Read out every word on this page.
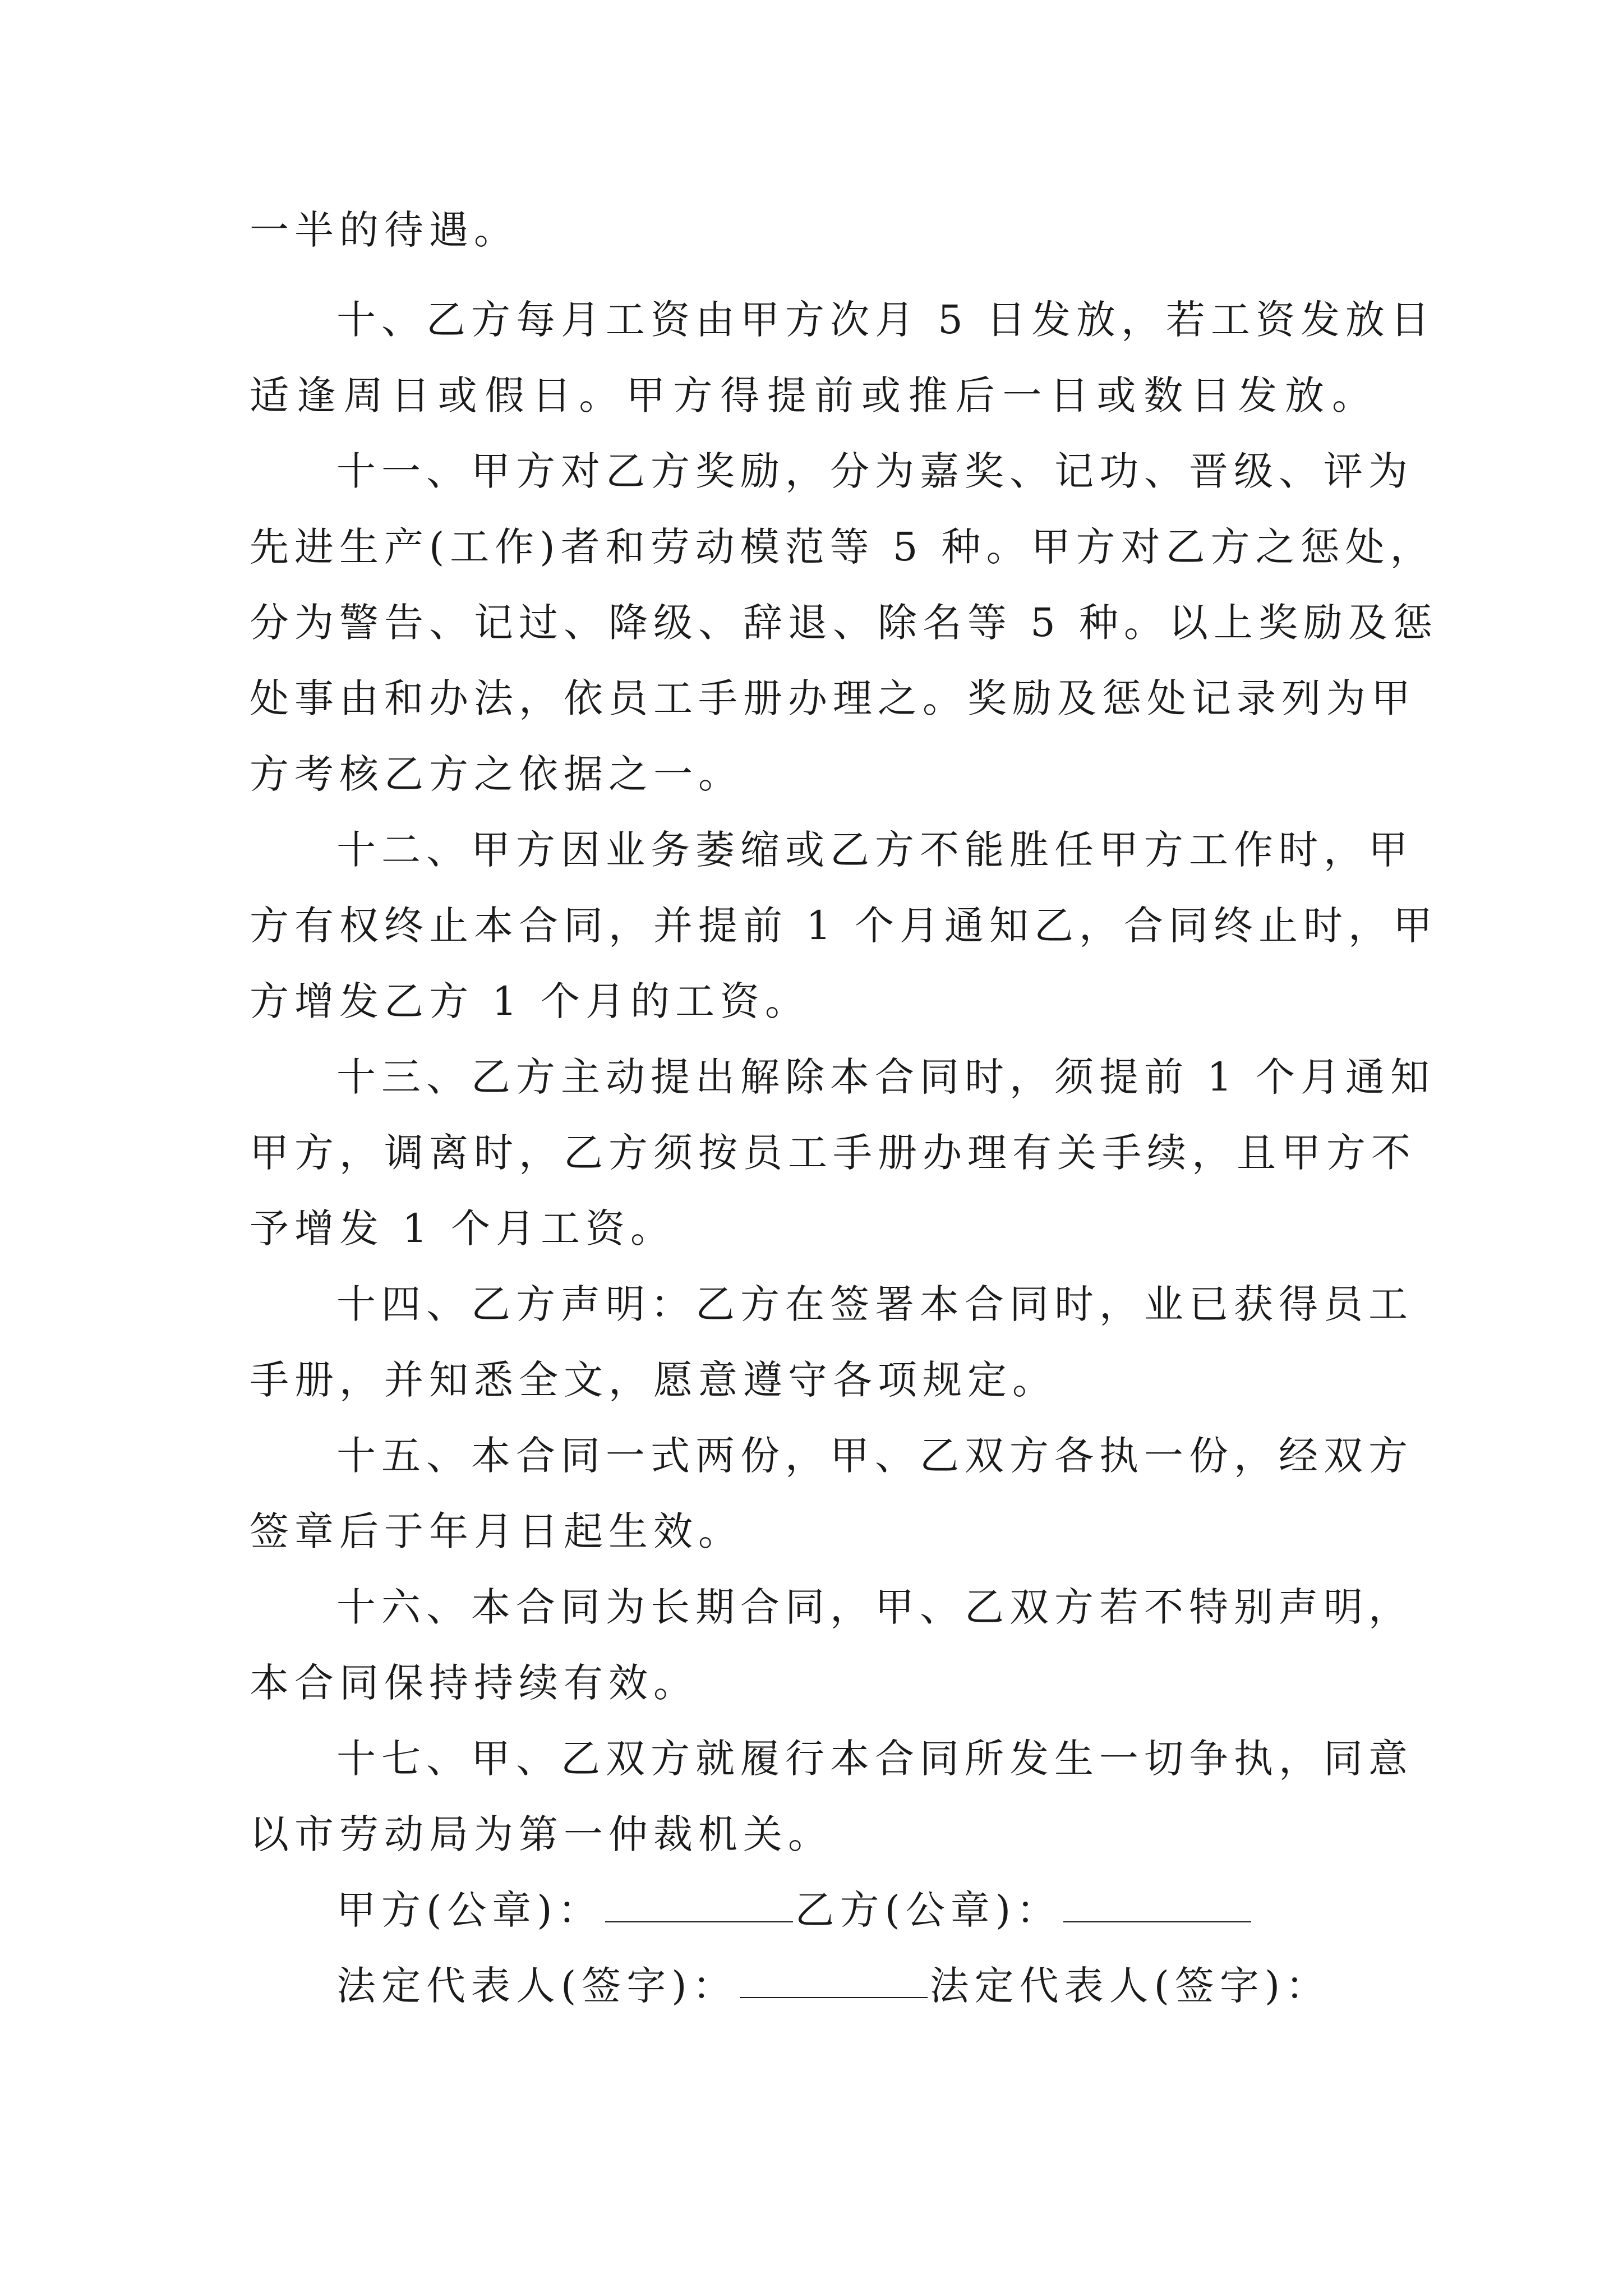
一半的待遇。
十、乙方每月工资由甲方次月 5 日发放，若工资发放日
适逢周日或假日。甲方得提前或推后一日或数日发放。
十一、甲方对乙方奖励，分为嘉奖、记功、晋级、评为
先进生产(工作)者和劳动模范等 5 种。甲方对乙方之惩处，
分为警告、记过、降级、辞退、除名等 5 种。以上奖励及惩
处事由和办法，依员工手册办理之。奖励及惩处记录列为甲
方考核乙方之依据之一。
十二、甲方因业务萎缩或乙方不能胜任甲方工作时，甲
方有权终止本合同，并提前 1 个月通知乙，合同终止时，甲
方增发乙方 1 个月的工资。
十三、乙方主动提出解除本合同时，须提前 1 个月通知
甲方，调离时，乙方须按员工手册办理有关手续，且甲方不
予增发 1 个月工资。
十四、乙方声明：乙方在签署本合同时，业已获得员工
手册，并知悉全文，愿意遵守各项规定。
十五、本合同一式两份，甲、乙双方各执一份，经双方
签章后于年月日起生效。
十六、本合同为长期合同，甲、乙双方若不特别声明，
本合同保持持续有效。
十七、甲、乙双方就履行本合同所发生一切争执，同意
以市劳动局为第一仲裁机关。
甲方(公章)：	乙方(公章)：
法定代表人(签字)：	法定代表人(签字)：
